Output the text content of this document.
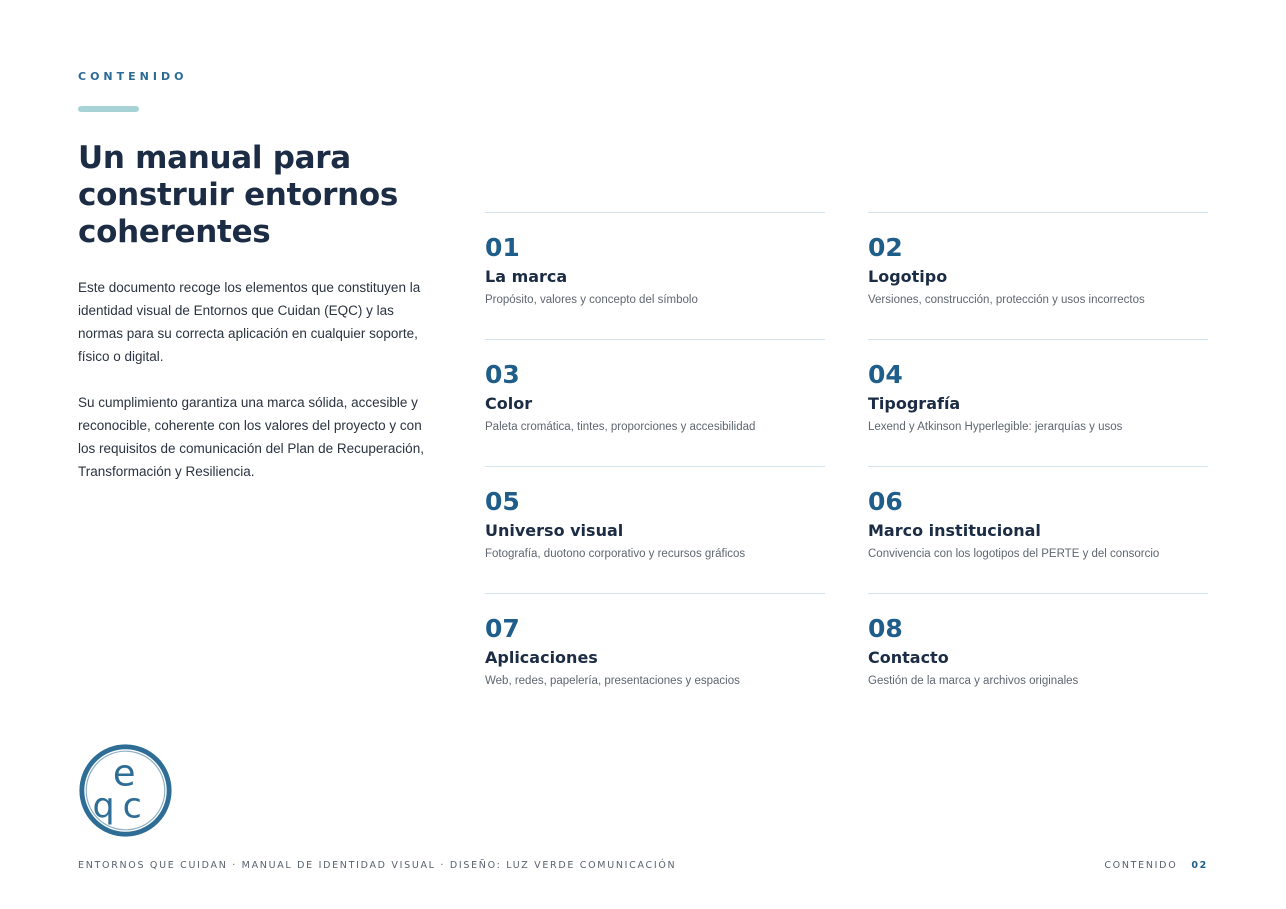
CONTENIDO
Un manual para construir entornos coherentes

Este documento recoge los elementos que constituyen la identidad visual de Entornos que Cuidan (EQC) y las normas para su correcta aplicación en cualquier soporte, físico o digital.

Su cumplimiento garantiza una marca sólida, accesible y reconocible, coherente con los valores del proyecto y con los requisitos de comunicación del Plan de Recuperación, Transformación y Resiliencia.

01
La marca
Propósito, valores y concepto del símbolo
02
Logotipo
Versiones, construcción, protección y usos incorrectos
03
Color
Paleta cromática, tintes, proporciones y accesibilidad
04
Tipografía
Lexend y Atkinson Hyperlegible: jerarquías y usos
05
Universo visual
Fotografía, duotono corporativo y recursos gráficos
06
Marco institucional
Convivencia con los logotipos del PERTE y del consorcio
07
Aplicaciones
Web, redes, papelería, presentaciones y espacios
08
Contacto
Gestión de la marca y archivos originales
e
q c
ENTORNOS QUE CUIDAN · MANUAL DE IDENTIDAD VISUAL · DISEÑO: LUZ VERDE COMUNICACIÓN	CONTENIDO 02
